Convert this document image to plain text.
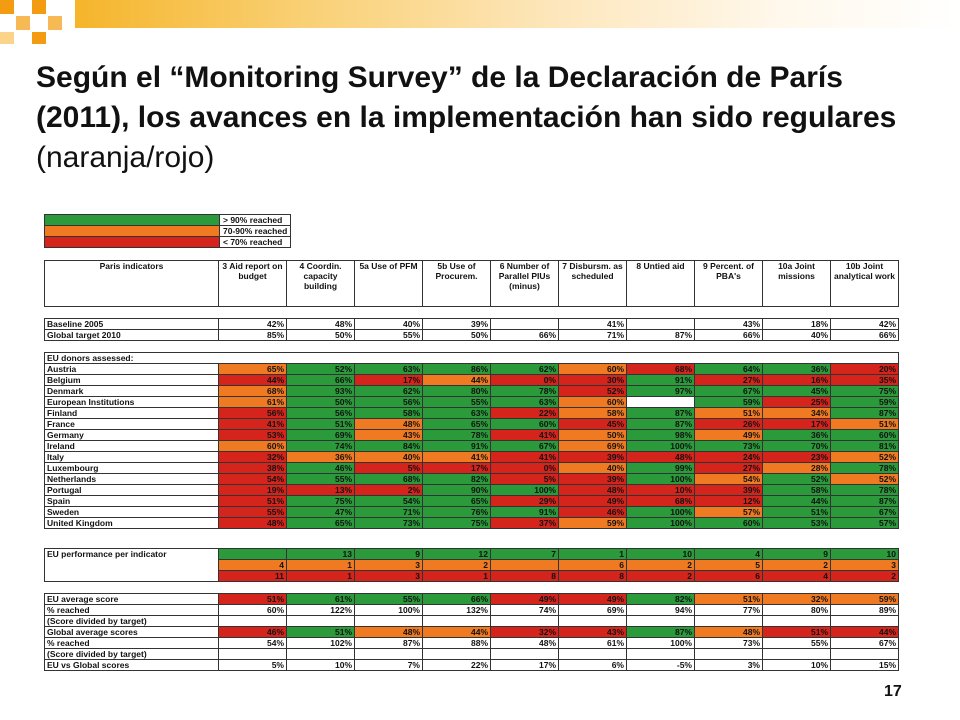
Según el “Monitoring Survey” de la Declaración de París (2011), los avances en la implementación han sido regulares (naranja/rojo)
	> 90% reached
	70-90% reached
	< 70% reached
Paris indicators	3 Aid report on budget	4 Coordin. capacity building	5a Use of PFM	5b Use of Procurem.	6 Number of Parallel PIUs (minus)	7 Disbursm. as scheduled	8 Untied aid	9 Percent. of PBA's	10a Joint missions	10b Joint analytical work
Baseline 2005	42%	48%	40%	39%		41%		43%	18%	42%
Global target 2010	85%	50%	55%	50%	66%	71%	87%	66%	40%	66%
EU donors assessed:										
Austria	65%	52%	63%	86%	62%	60%	68%	64%	36%	20%
Belgium	44%	66%	17%	44%	0%	30%	91%	27%	16%	35%
Denmark	68%	93%	62%	80%	78%	52%	97%	67%	45%	75%
European Institutions	61%	50%	56%	55%	63%	60%		59%	25%	59%
Finland	56%	56%	58%	63%	22%	58%	87%	51%	34%	87%
France	41%	51%	48%	65%	60%	45%	87%	26%	17%	51%
Germany	53%	69%	43%	78%	41%	50%	98%	49%	36%	60%
Ireland	60%	74%	84%	91%	67%	69%	100%	73%	70%	81%
Italy	32%	36%	40%	41%	41%	39%	48%	24%	23%	52%
Luxembourg	38%	46%	5%	17%	0%	40%	99%	27%	28%	78%
Netherlands	54%	55%	68%	82%	5%	39%	100%	54%	52%	52%
Portugal	19%	13%	2%	90%	100%	48%	10%	39%	58%	78%
Spain	51%	75%	54%	65%	29%	49%	68%	12%	44%	87%
Sweden	55%	47%	71%	76%	91%	46%	100%	57%	51%	67%
United Kingdom	48%	65%	73%	75%	37%	59%	100%	60%	53%	57%
EU performance per indicator		13	9	12	7	1	10	4	9	10
	4	1	3	2		6	2	5	2	3
	11	1	3	1	8	8	2	6	4	2
EU average score	51%	61%	55%	66%	49%	49%	82%	51%	32%	59%
% reached	60%	122%	100%	132%	74%	69%	94%	77%	80%	89%
(Score divided by target)										
Global average scores	46%	51%	48%	44%	32%	43%	87%	48%	51%	44%
% reached	54%	102%	87%	88%	48%	61%	100%	73%	55%	67%
(Score divided by target)										
EU vs Global scores	5%	10%	7%	22%	17%	6%	-5%	3%	10%	15%
17
